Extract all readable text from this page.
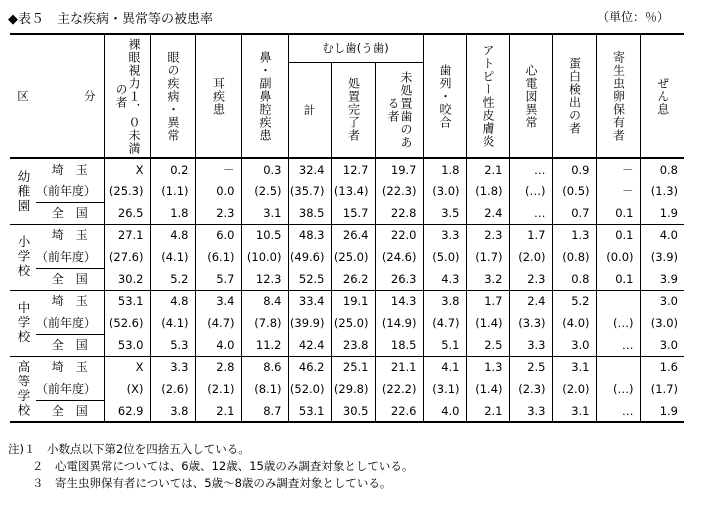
◆表５　主な疾病・異常等の被患率	（単位：％）
区	分	裸眼視力１．０未満の者	眼の疾病・異常	耳疾患	鼻・副鼻腔疾患	むし歯(う歯)			歯列・咬合	アトピー性皮膚炎	心電図異常	蛋白検出の者	寄生虫卵保有者	ぜん息

						計	処置完了者	未処置歯のある者						

幼稚園	埼　玉	X	0.2	－	0.3	32.4	12.7	19.7	1.8	2.1	…	0.9	－	0.8

	（前年度）	(25.3)	(1.1)	0.0	(2.5)	(35.7)	(13.4)	(22.3)	(3.0)	(1.8)	(…)	(0.5)	－	(1.3)

	全　国	26.5	1.8	2.3	3.1	38.5	15.7	22.8	3.5	2.4	…	0.7	0.1	1.9

小学校	埼　玉	27.1	4.8	6.0	10.5	48.3	26.4	22.0	3.3	2.3	1.7	1.3	0.1	4.0

	（前年度）	(27.6)	(4.1)	(6.1)	(10.0)	(49.6)	(25.0)	(24.6)	(5.0)	(1.7)	(2.0)	(0.8)	(0.0)	(3.9)

	全　国	30.2	5.2	5.7	12.3	52.5	26.2	26.3	4.3	3.2	2.3	0.8	0.1	3.9

中学校	埼　玉	53.1	4.8	3.4	8.4	33.4	19.1	14.3	3.8	1.7	2.4	5.2		3.0

	（前年度）	(52.6)	(4.1)	(4.7)	(7.8)	(39.9)	(25.0)	(14.9)	(4.7)	(1.4)	(3.3)	(4.0)	(…)	(3.0)

	全　国	53.0	5.3	4.0	11.2	42.4	23.8	18.5	5.1	2.5	3.3	3.0	…	3.0

高等学校	埼　玉	X	3.3	2.8	8.6	46.2	25.1	21.1	4.1	1.3	2.5	3.1		1.6

	（前年度）	(X)	(2.6)	(2.1)	(8.1)	(52.0)	(29.8)	(22.2)	(3.1)	(1.4)	(2.3)	(2.0)	(…)	(1.7)

	全　国	62.9	3.8	2.1	8.7	53.1	30.5	22.6	4.0	2.1	3.3	3.1	…	1.9
注)１　小数点以下第2位を四捨五入している。
２　心電図異常については、6歳、12歳、15歳のみ調査対象としている。
３　寄生虫卵保有者については、5歳～8歳のみ調査対象としている。
